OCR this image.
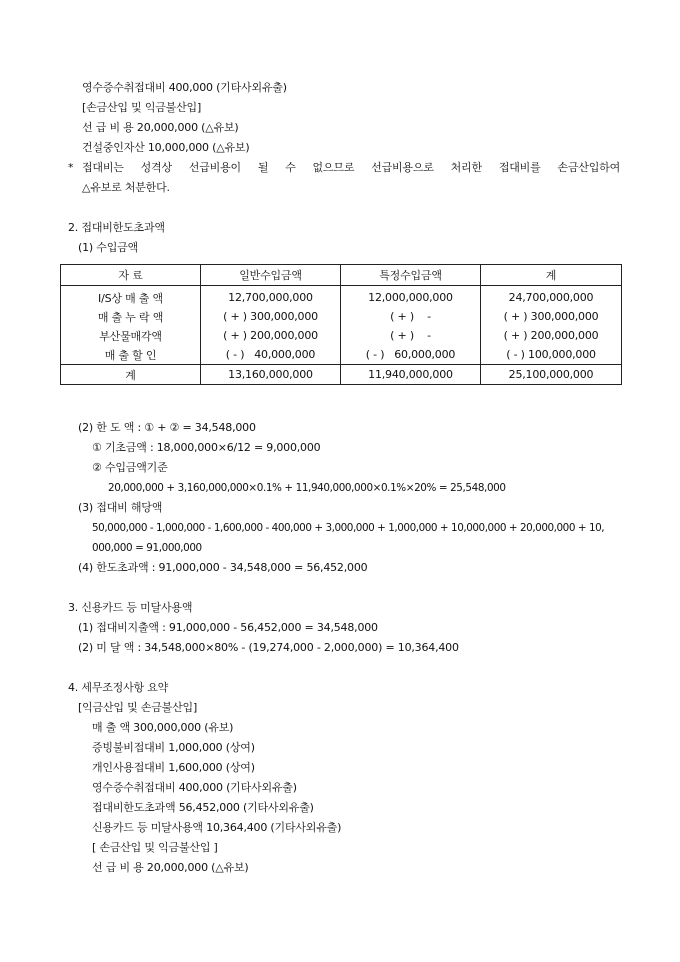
영수증수취접대비 400,000 (기타사외유출)
[손금산입 및 익금불산입]
선 급 비 용 20,000,000 (△유보)
건설중인자산 10,000,000 (△유보)
* 접대비는 성격상 선급비용이 될 수 없으므로 선급비용으로 처리한 접대비를 손금산입하여
△유보로 처분한다.
2. 접대비한도초과액
(1) 수입금액
자 료	일반수입금액	특정수입금액	계
I/S상 매 출 액	12,700,000,000	12,000,000,000	24,700,000,000
매 출 누 락 액	( + ) 300,000,000	( + )    -	( + ) 300,000,000
부산물매각액	( + ) 200,000,000	( + )    -	( + ) 200,000,000
매 출 할 인	( - )   40,000,000	( - )   60,000,000	( - ) 100,000,000
계	13,160,000,000	11,940,000,000	25,100,000,000
(2) 한 도 액 : ① + ② = 34,548,000
① 기초금액 : 18,000,000×6/12 = 9,000,000
② 수입금액기준
20,000,000 + 3,160,000,000×0.1% + 11,940,000,000×0.1%×20% = 25,548,000
(3) 접대비 해당액
50,000,000 - 1,000,000 - 1,600,000 - 400,000 + 3,000,000 + 1,000,000 + 10,000,000 + 20,000,000 + 10,
000,000 = 91,000,000
(4) 한도초과액 : 91,000,000 - 34,548,000 = 56,452,000
3. 신용카드 등 미달사용액
(1) 접대비지출액 : 91,000,000 - 56,452,000 = 34,548,000
(2) 미 달 액 : 34,548,000×80% - (19,274,000 - 2,000,000) = 10,364,400
4. 세무조정사항 요약
[익금산입 및 손금불산입]
매 출 액 300,000,000 (유보)
증빙불비접대비 1,000,000 (상여)
개인사용접대비 1,600,000 (상여)
영수증수취접대비 400,000 (기타사외유출)
접대비한도초과액 56,452,000 (기타사외유출)
신용카드 등 미달사용액 10,364,400 (기타사외유출)
[ 손금산입 및 익금불산입 ]
선 급 비 용 20,000,000 (△유보)
